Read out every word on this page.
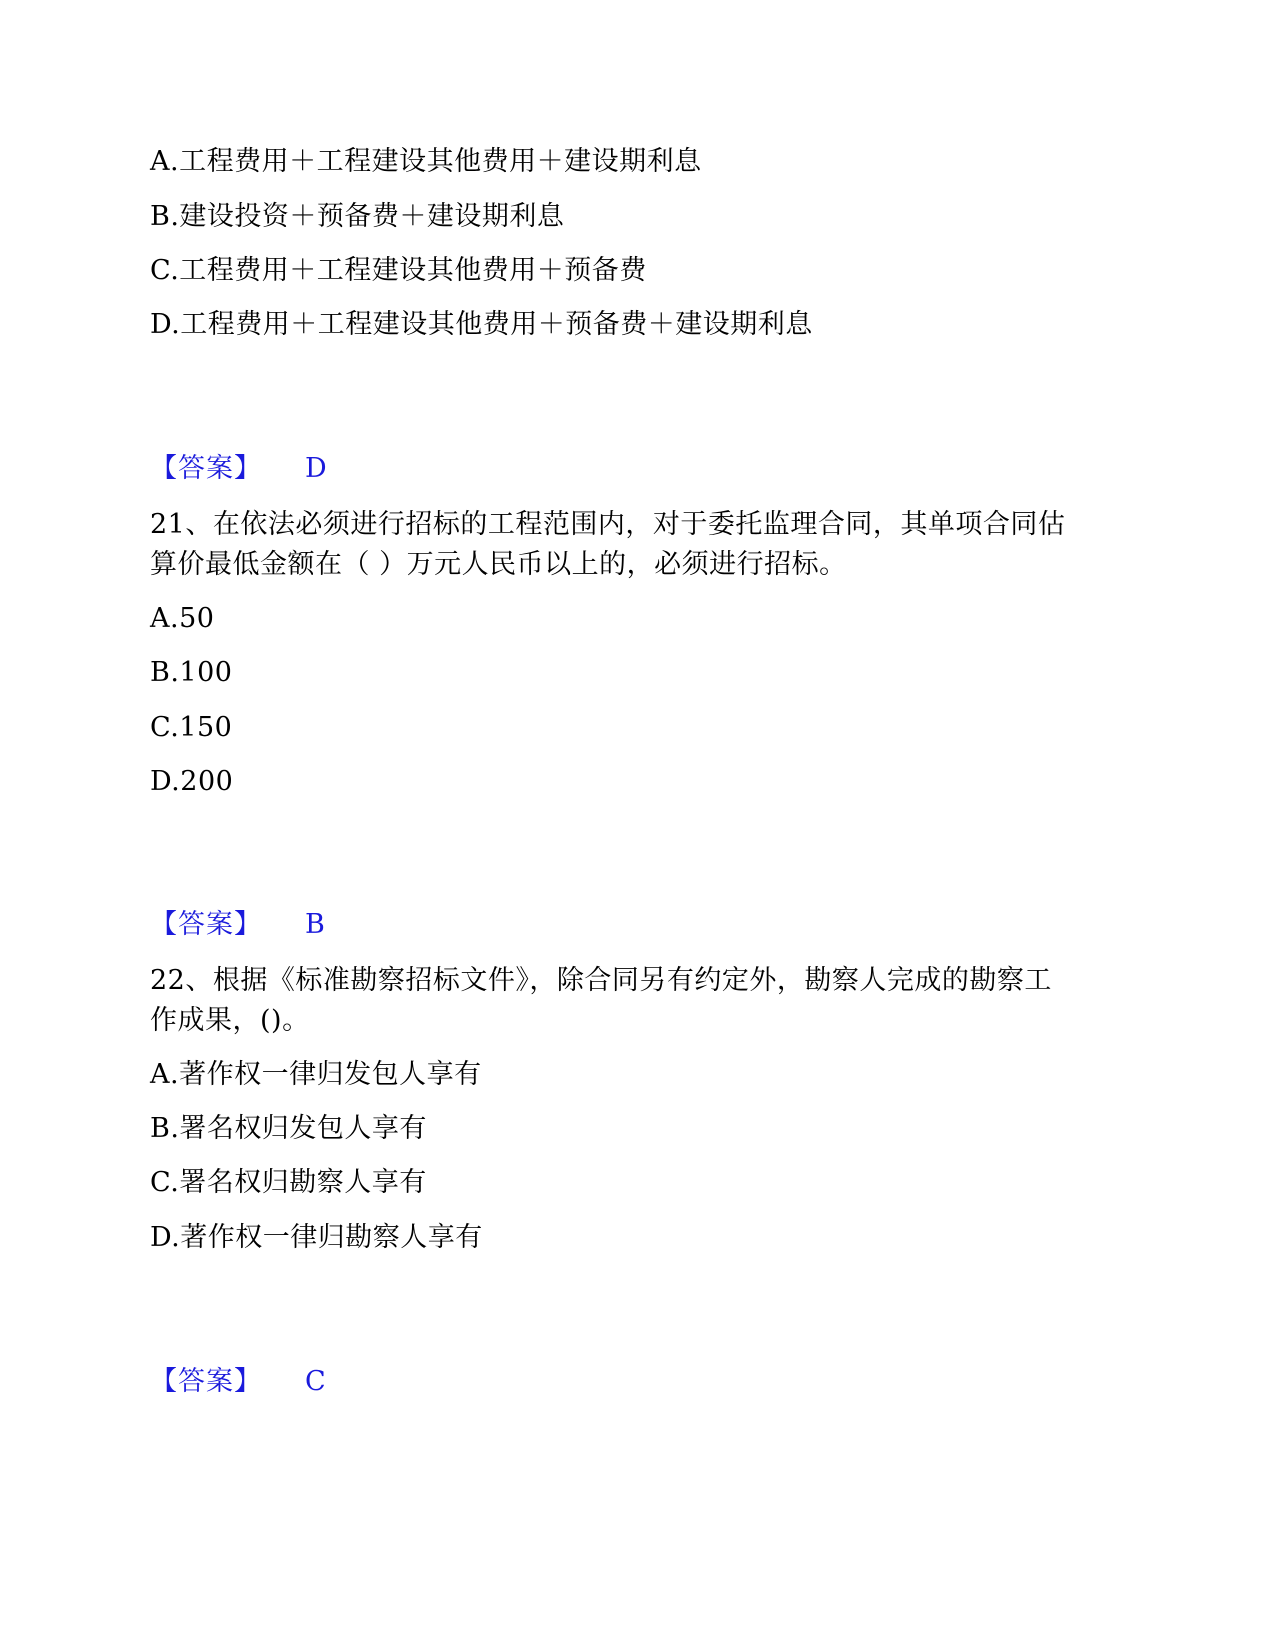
A.工程费用＋工程建设其他费用＋建设期利息
B.建设投资＋预备费＋建设期利息
C.工程费用＋工程建设其他费用＋预备费
D.工程费用＋工程建设其他费用＋预备费＋建设期利息
【答案】 D
21、在依法必须进行招标的工程范围内，对于委托监理合同，其单项合同估
算价最低金额在（ ）万元人民币以上的，必须进行招标。
A.50
B.100
C.150
D.200
【答案】 B
22、根据《标准勘察招标文件》，除合同另有约定外，勘察人完成的勘察工
作成果，()。
A.著作权一律归发包人享有
B.署名权归发包人享有
C.署名权归勘察人享有
D.著作权一律归勘察人享有
【答案】 C
